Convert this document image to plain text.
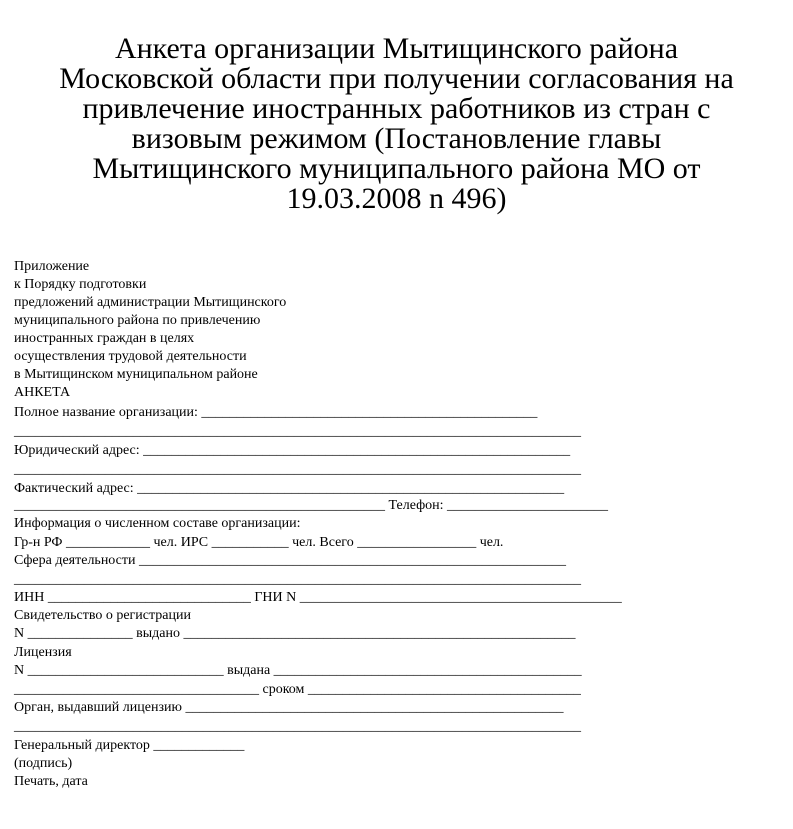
Анкета организации Мытищинского района
Московской области при получении согласования на
привлечение иностранных работников из стран с
визовым режимом (Постановление главы
Мытищинского муниципального района МО от
19.03.2008 n 496)

Приложение

к Порядку подготовки

предложений администрации Мытищинского

муниципального района по привлечению

иностранных граждан в целях

осуществления трудовой деятельности

в Мытищинском муниципальном районе

АНКЕТА

Полное название организации: ________________________________________________

_________________________________________________________________________________

Юридический адрес: _____________________________________________________________

_________________________________________________________________________________

Фактический адрес: _____________________________________________________________

_____________________________________________________ Телефон: _______________________

Информация о численном составе организации:

Гр-н РФ ____________ чел. ИРС ___________ чел. Всего _________________ чел.

Сфера деятельности _____________________________________________________________

_________________________________________________________________________________

ИНН _____________________________ ГНИ N ______________________________________________

Свидетельство о регистрации

N _______________ выдано ________________________________________________________

Лицензия

N ____________________________ выдана ____________________________________________

___________________________________ сроком _______________________________________

Орган, выдавший лицензию ______________________________________________________

_________________________________________________________________________________

Генеральный директор _____________

(подпись)

Печать, дата
